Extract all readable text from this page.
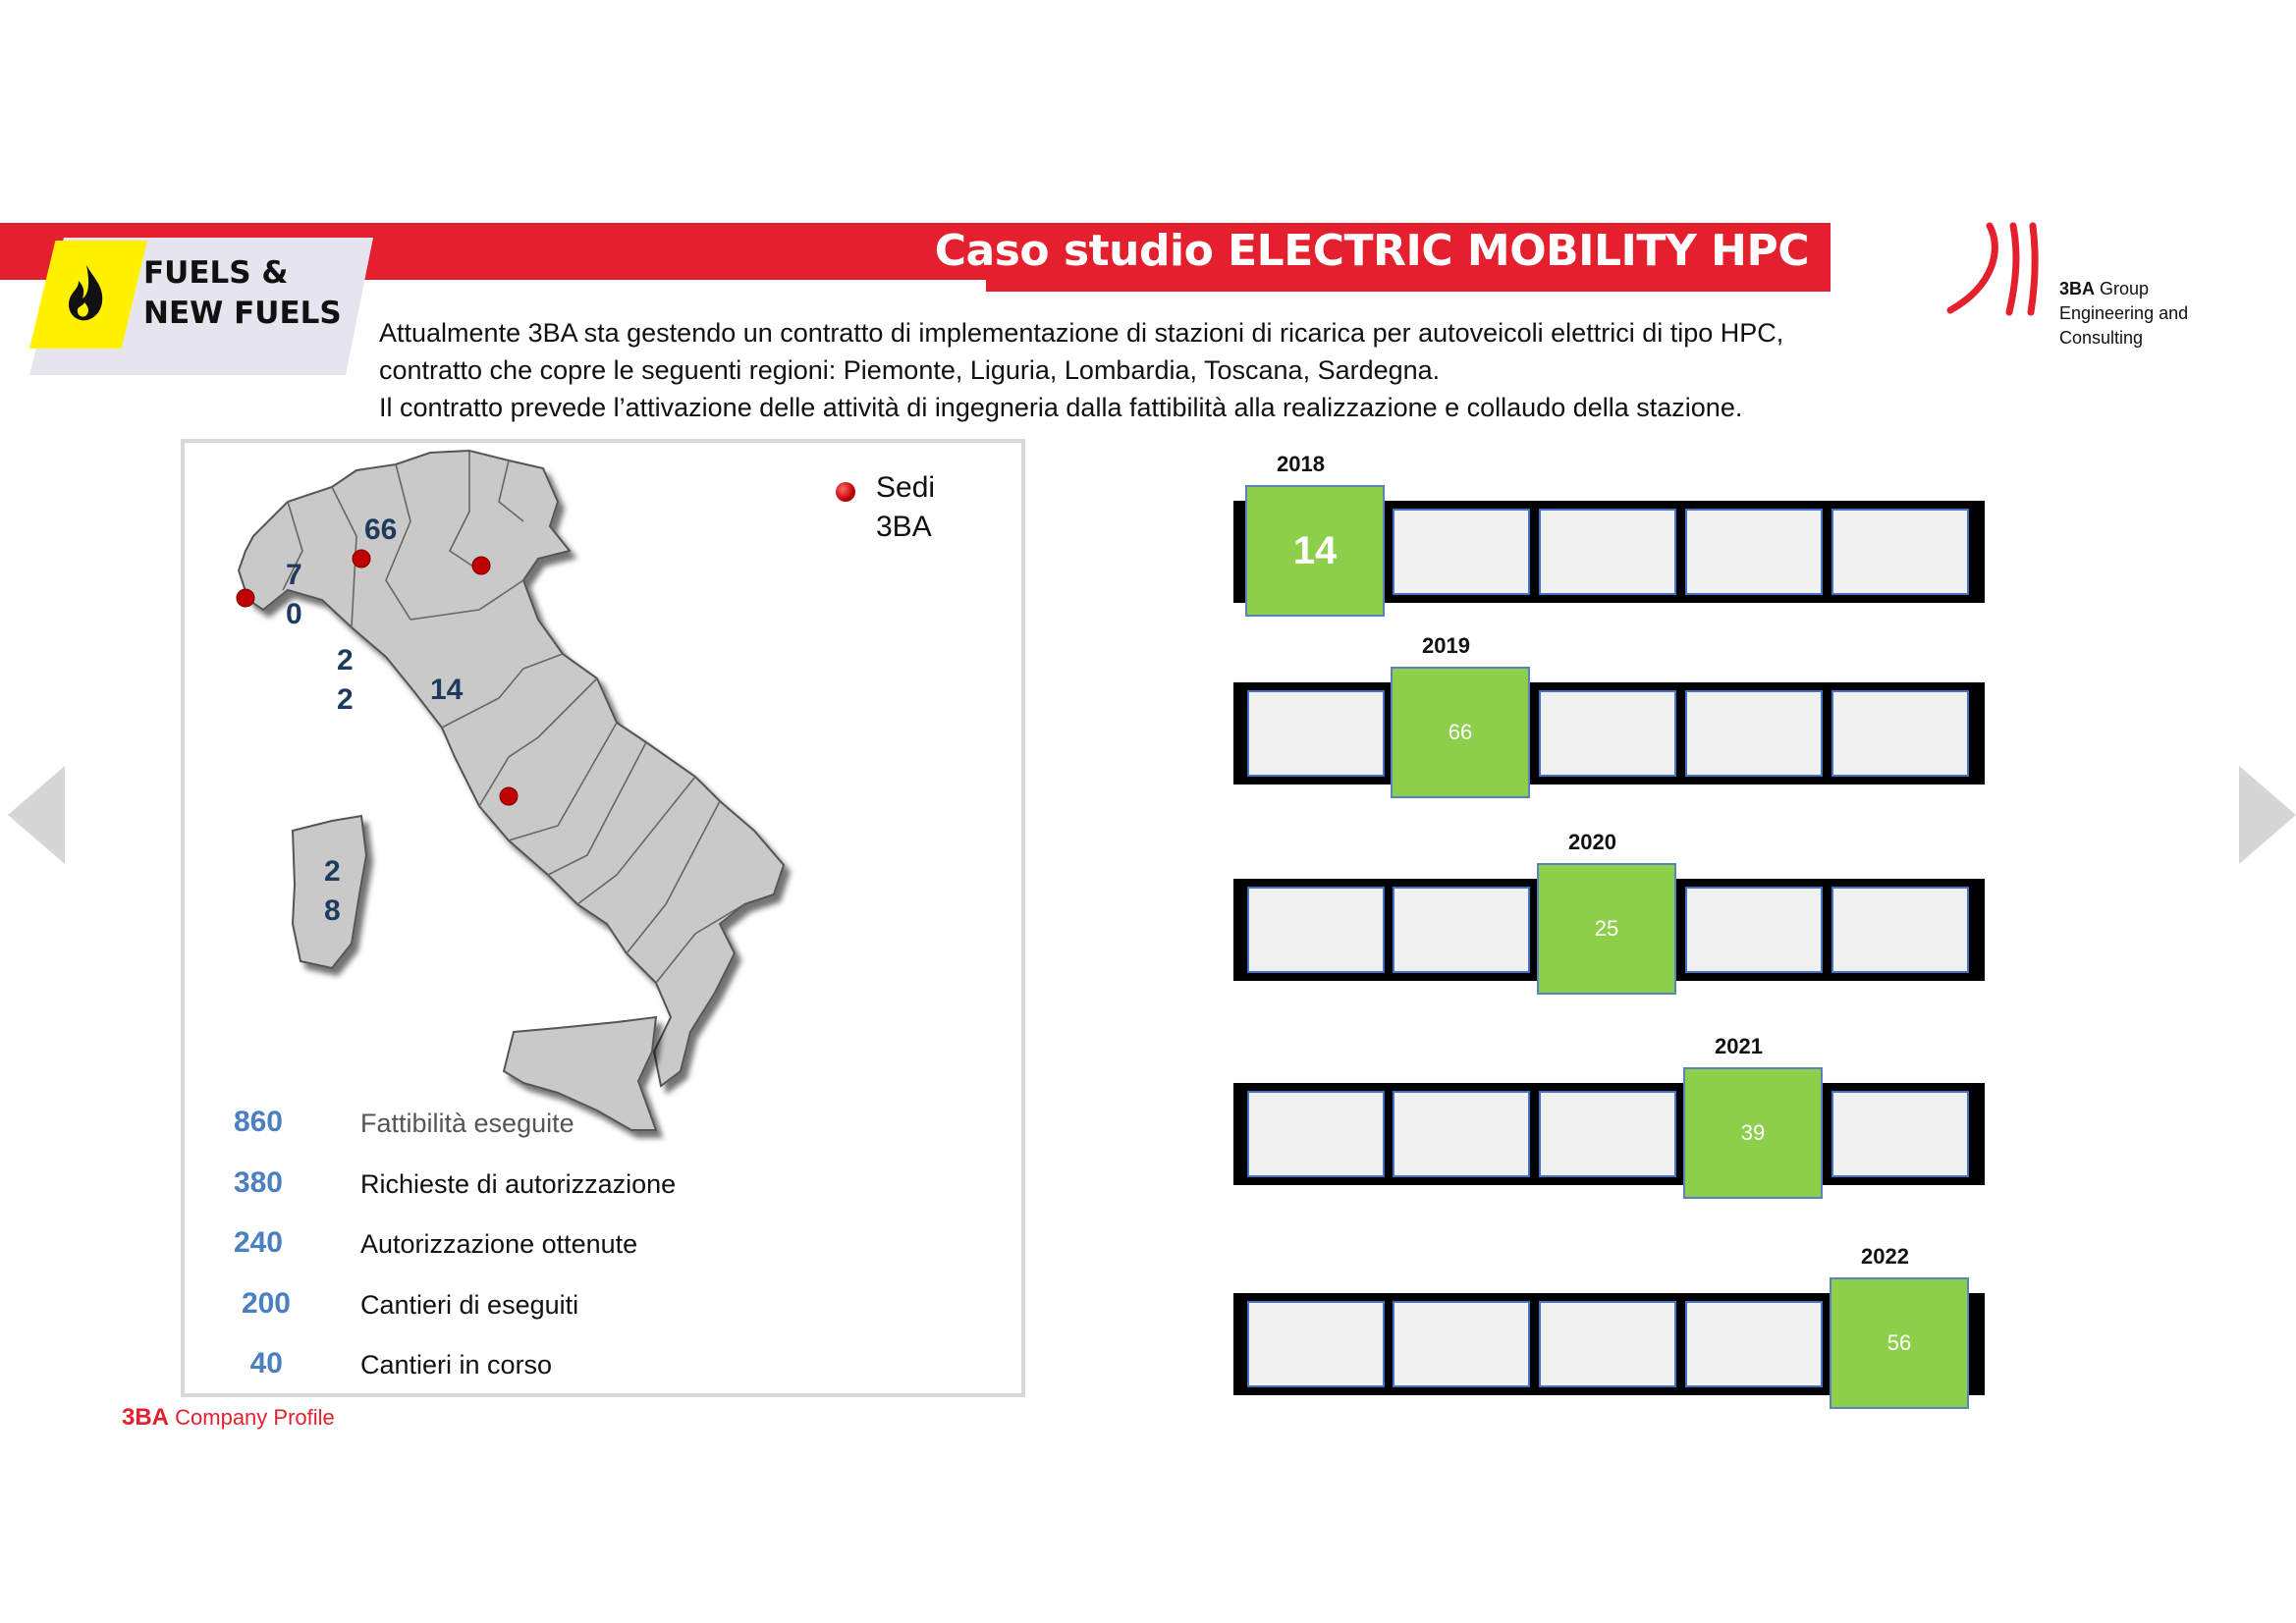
Caso studio ELECTRIC MOBILITY HPC
FUELS &
NEW FUELS
3BA Group
Engineering and
Consulting
Attualmente 3BA sta gestendo un contratto di implementazione di stazioni di ricarica per autoveicoli elettrici di tipo HPC,
contratto che copre le seguenti regioni: Piemonte, Liguria, Lombardia, Toscana, Sardegna.
Il contratto prevede l’attivazione delle attività di ingegneria dalla fattibilità alla realizzazione e collaudo della stazione.
66
7
0
2
2	14
2
8
Sedi
3BA
860	Fattibilità eseguite
380	Richieste di autorizzazione
240	Autorizzazione ottenute
200	Cantieri di eseguiti
40	Cantieri in corso
14
2018
66
2019
25
2020
39
2021
56
2022
3BA Company Profile
